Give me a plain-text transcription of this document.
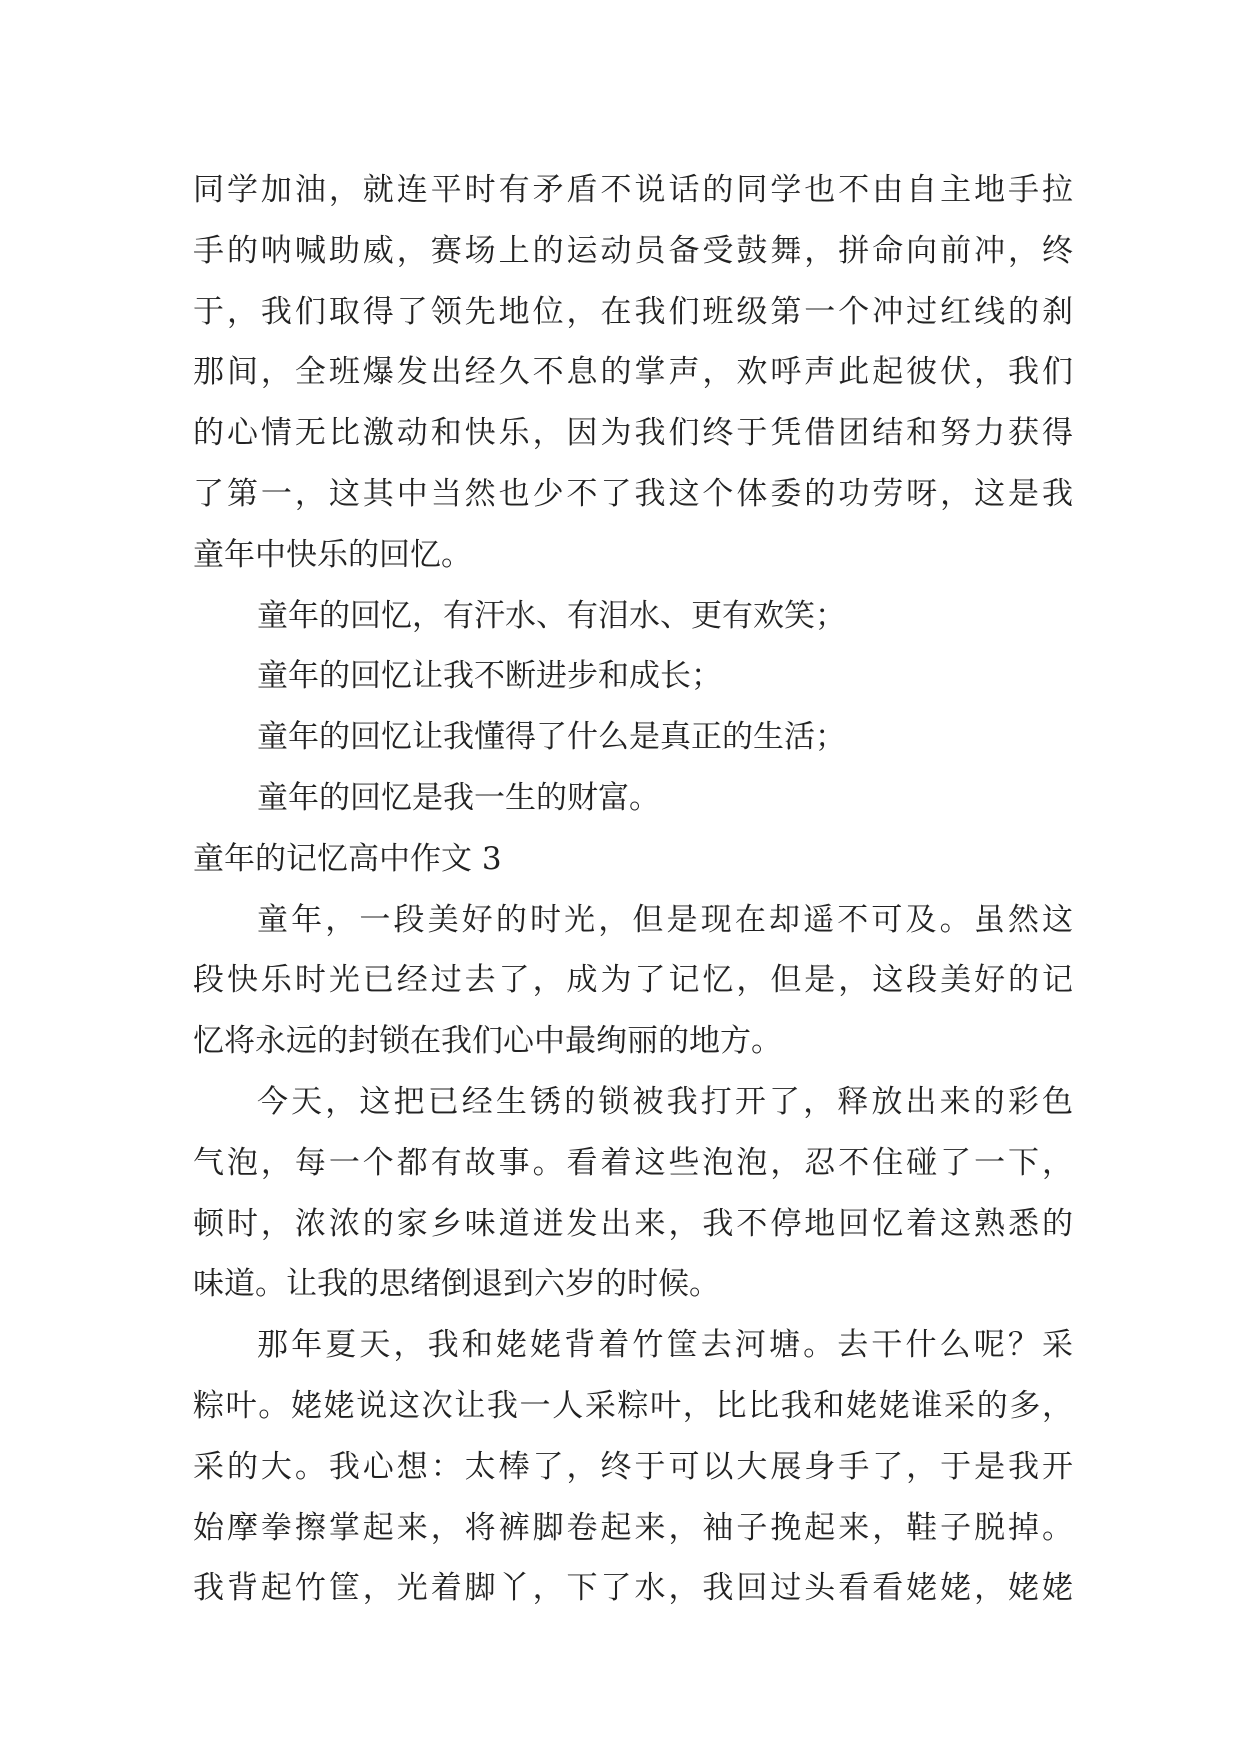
同学加油，就连平时有矛盾不说话的同学也不由自主地手拉
手的呐喊助威，赛场上的运动员备受鼓舞，拼命向前冲，终
于，我们取得了领先地位，在我们班级第一个冲过红线的刹
那间，全班爆发出经久不息的掌声，欢呼声此起彼伏，我们
的心情无比激动和快乐，因为我们终于凭借团结和努力获得
了第一，这其中当然也少不了我这个体委的功劳呀，这是我
童年中快乐的回忆。
童年的回忆，有汗水、有泪水、更有欢笑；
童年的回忆让我不断进步和成长；
童年的回忆让我懂得了什么是真正的生活；
童年的回忆是我一生的财富。
童年的记忆高中作文 3
童年，一段美好的时光，但是现在却遥不可及。虽然这
段快乐时光已经过去了，成为了记忆，但是，这段美好的记
忆将永远的封锁在我们心中最绚丽的地方。
今天，这把已经生锈的锁被我打开了，释放出来的彩色
气泡，每一个都有故事。看着这些泡泡，忍不住碰了一下，
顿时，浓浓的家乡味道迸发出来，我不停地回忆着这熟悉的
味道。让我的思绪倒退到六岁的时候。
那年夏天，我和姥姥背着竹筐去河塘。去干什么呢？采
粽叶。姥姥说这次让我一人采粽叶，比比我和姥姥谁采的多，
采的大。我心想：太棒了，终于可以大展身手了，于是我开
始摩拳擦掌起来，将裤脚卷起来，袖子挽起来，鞋子脱掉。
我背起竹筐，光着脚丫，下了水，我回过头看看姥姥，姥姥
